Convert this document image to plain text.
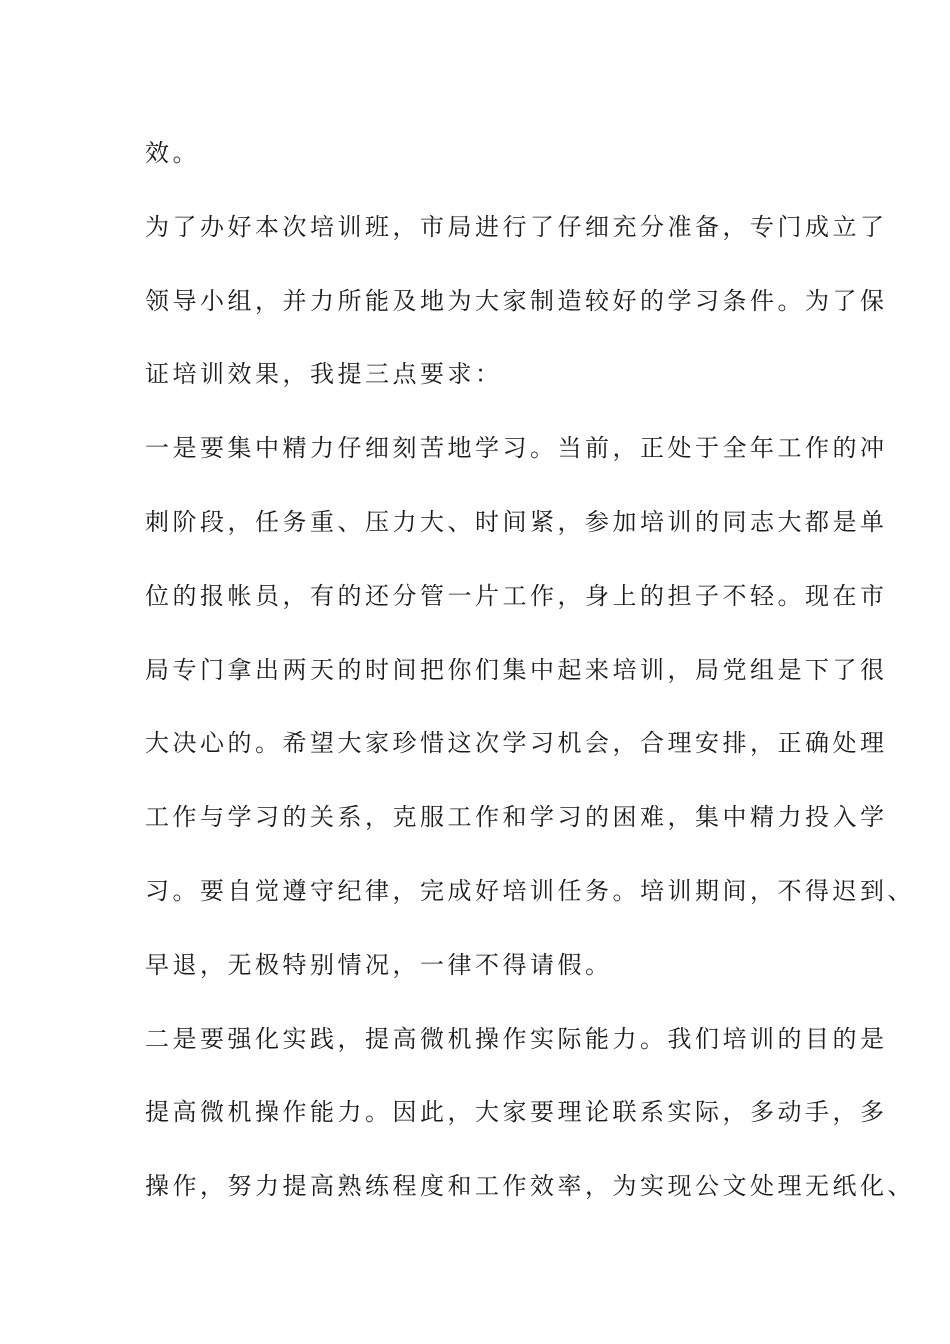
效。
为了办好本次培训班，市局进行了仔细充分准备，专门成立了
领导小组，并力所能及地为大家制造较好的学习条件。为了保
证培训效果，我提三点要求：
一是要集中精力仔细刻苦地学习。当前，正处于全年工作的冲
刺阶段，任务重、压力大、时间紧，参加培训的同志大都是单
位的报帐员，有的还分管一片工作，身上的担子不轻。现在市
局专门拿出两天的时间把你们集中起来培训，局党组是下了很
大决心的。希望大家珍惜这次学习机会，合理安排，正确处理
工作与学习的关系，克服工作和学习的困难，集中精力投入学
习。要自觉遵守纪律，完成好培训任务。培训期间，不得迟到、
早退，无极特别情况，一律不得请假。
二是要强化实践，提高微机操作实际能力。我们培训的目的是
提高微机操作能力。因此，大家要理论联系实际，多动手，多
操作，努力提高熟练程度和工作效率，为实现公文处理无纸化、
